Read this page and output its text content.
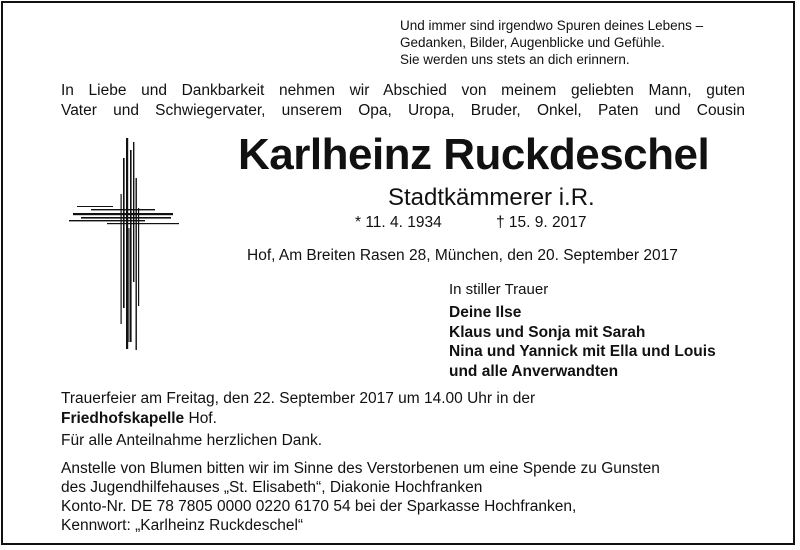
Und immer sind irgendwo Spuren deines Lebens –
Gedanken, Bilder, Augenblicke und Gefühle.
Sie werden uns stets an dich erinnern.
In Liebe und Dankbarkeit nehmen wir Abschied von meinem geliebten Mann, guten
Vater und Schwiegervater, unserem Opa, Uropa, Bruder, Onkel, Paten und Cousin
Karlheinz Ruckdeschel
Stadtkämmerer i.R.
* 11. 4. 1934	† 15. 9. 2017
Hof, Am Breiten Rasen 28, München, den 20. September 2017
In stiller Trauer
Deine Ilse
Klaus und Sonja mit Sarah
Nina und Yannick mit Ella und Louis
und alle Anverwandten
Trauerfeier am Freitag, den 22. September 2017 um 14.00 Uhr in der
Friedhofskapelle Hof.
Für alle Anteilnahme herzlichen Dank.
Anstelle von Blumen bitten wir im Sinne des Verstorbenen um eine Spende zu Gunsten
des Jugendhilfehauses „St. Elisabeth“, Diakonie Hochfranken
Konto-Nr. DE 78 7805 0000 0220 6170 54 bei der Sparkasse Hochfranken,
Kennwort: „Karlheinz Ruckdeschel“
